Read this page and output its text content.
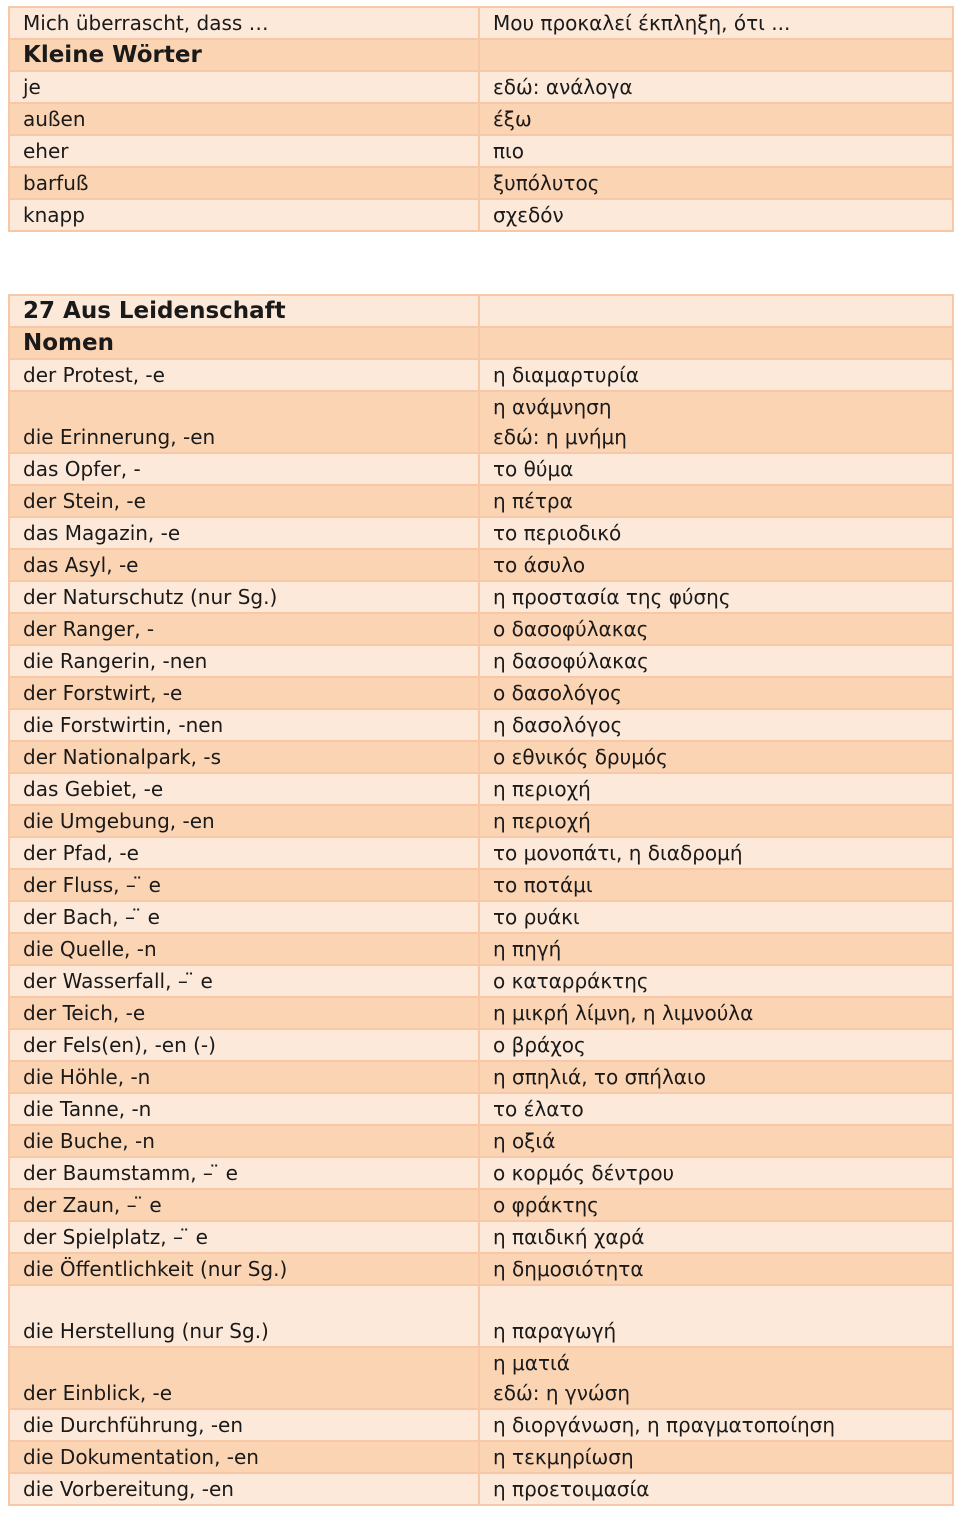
Mich überrascht, dass …	Μου προκαλεί έκπληξη, ότι ...

Kleine Wörter	

je	εδώ: ανάλογα

außen	έξω

eher	πιο

barfuß	ξυπόλυτος

knapp	σχεδόν
27 Aus Leidenschaft	

Nomen	

der Protest, -e	η διαμαρτυρία

die Erinnerung, -en	η ανάμνηση
εδώ: η μνήμη

das Opfer, -	το θύμα

der Stein, -e	η πέτρα

das Magazin, -e	το περιοδικό

das Asyl, -e	το άσυλο

der Naturschutz (nur Sg.)	η προστασία της φύσης

der Ranger, -	ο δασοφύλακας

die Rangerin, -nen	η δασοφύλακας

der Forstwirt, -e	ο δασολόγος

die Forstwirtin, -nen	η δασολόγος

der Nationalpark, -s	ο εθνικός δρυμός

das Gebiet, -e	η περιοχή

die Umgebung, -en	η περιοχή

der Pfad, -e	το μονοπάτι, η διαδρομή

der Fluss, – ̈ e	το ποτάμι

der Bach, – ̈ e	το ρυάκι

die Quelle, -n	η πηγή

der Wasserfall, – ̈ e	ο καταρράκτης

der Teich, -e	η μικρή λίμνη, η λιμνούλα

der Fels(en), -en (-)	ο βράχος

die Höhle, -n	η σπηλιά, το σπήλαιο

die Tanne, -n	το έλατο

die Buche, -n	η οξιά

der Baumstamm, – ̈ e	ο κορμός δέντρου

der Zaun, – ̈ e	ο φράκτης

der Spielplatz, – ̈ e	η παιδική χαρά

die Öffentlichkeit (nur Sg.)	η δημοσιότητα

die Herstellung (nur Sg.)	η παραγωγή

der Einblick, -e	η ματιά
εδώ: η γνώση

die Durchführung, -en	η διοργάνωση, η πραγματοποίηση

die Dokumentation, -en	η τεκμηρίωση

die Vorbereitung, -en	η προετοιμασία
